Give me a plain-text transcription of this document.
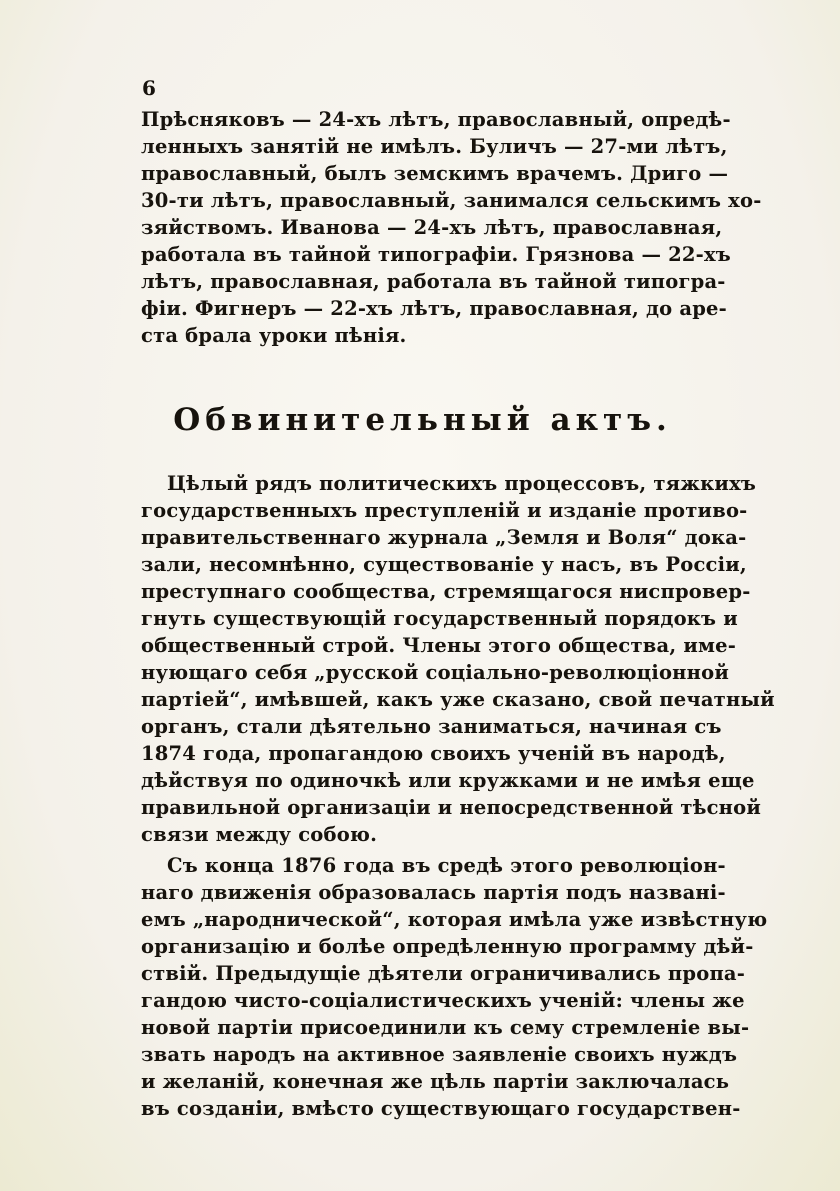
6
Прѣсняковъ — 24-хъ лѣтъ, православный, опредѣ-
ленныхъ занятій не имѣлъ. Буличъ — 27-ми лѣтъ,
православный, былъ земскимъ врачемъ. Дриго —
30-ти лѣтъ, православный, занимался сельскимъ хо-
зяйствомъ. Иванова — 24-хъ лѣтъ, православная,
работала въ тайной типографіи. Грязнова — 22-хъ
лѣтъ, православная, работала въ тайной типогра-
фіи. Фигнеръ — 22-хъ лѣтъ, православная, до аре-
ста брала уроки пѣнія.
Обвинительный актъ.
Цѣлый рядъ политическихъ процессовъ, тяжкихъ
государственныхъ преступленій и изданіе противо-
правительственнаго журнала „Земля и Воля“ дока-
зали, несомнѣнно, существованіе у насъ, въ Россіи,
преступнаго сообщества, стремящагося ниспровер-
гнуть существующій государственный порядокъ и
общественный строй. Члены этого общества, име-
нующаго себя „русской соціально-революціонной
партіей“, имѣвшей, какъ уже сказано, свой печатный
органъ, стали дѣятельно заниматься, начиная съ
1874 года, пропагандою своихъ ученій въ народѣ,
дѣйствуя по одиночкѣ или кружками и не имѣя еще
правильной организаціи и непосредственной тѣсной
связи между собою.
Съ конца 1876 года въ средѣ этого революціон-
наго движенія образовалась партія подъ названі-
емъ „народнической“, которая имѣла уже извѣстную
организацію и болѣе опредѣленную программу дѣй-
ствій. Предыдущіе дѣятели ограничивались пропа-
гандою чисто-соціалистическихъ ученій: члены же
новой партіи присоединили къ сему стремленіе вы-
звать народъ на активное заявленіе своихъ нуждъ
и желаній, конечная же цѣль партіи заключалась
въ созданіи, вмѣсто существующаго государствен-
